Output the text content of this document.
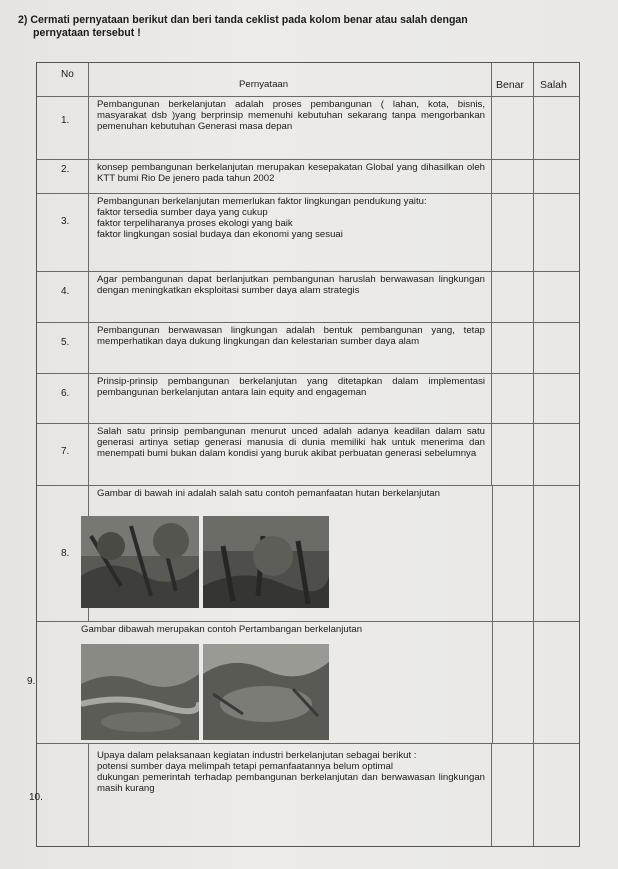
2) Cermati pernyataan berikut dan beri tanda ceklist pada kolom benar atau salah dengan
pernyataan tersebut !
No
Pernyataan	Benar Salah
1.
Pembangunan berkelanjutan adalah proses pembangunan ( lahan, kota, bisnis, masyarakat dsb )yang berprinsip memenuhi kebutuhan sekarang tanpa mengorbankan pemenuhan kebutuhan Generasi masa depan
2.	konsep pembangunan berkelanjutan merupakan kesepakatan Global yang dihasilkan oleh KTT bumi Rio De jenero pada tahun 2002
3.
Pembangunan berkelanjutan memerlukan faktor lingkungan pendukung yaitu:
faktor tersedia sumber daya yang cukup
faktor terpeliharanya proses ekologi yang baik
faktor lingkungan sosial budaya dan ekonomi yang sesuai
4.
Agar pembangunan dapat berlanjutkan pembangunan haruslah berwawasan lingkungan dengan meningkatkan eksploitasi sumber daya alam strategis
5.
Pembangunan berwawasan lingkungan adalah bentuk pembangunan yang, tetap memperhatikan daya dukung lingkungan dan kelestarian sumber daya alam
6.
Prinsip-prinsip pembangunan berkelanjutan yang ditetapkan dalam implementasi pembangunan berkelanjutan antara lain equity and engageman
7.
Salah satu prinsip pembangunan menurut unced adalah adanya keadilan dalam satu generasi artinya setiap generasi manusia di dunia memiliki hak untuk menerima dan menempati bumi bukan dalam kondisi yang buruk akibat perbuatan generasi sebelumnya
8.
Gambar di bawah ini adalah salah satu contoh pemanfaatan hutan berkelanjutan
9.
Gambar dibawah merupakan contoh Pertambangan berkelanjutan
10.
Upaya dalam pelaksanaan kegiatan industri berkelanjutan sebagai berikut :
potensi sumber daya melimpah tetapi pemanfaatannya belum optimal
dukungan pemerintah terhadap pembangunan berkelanjutan dan berwawasan lingkungan masih kurang
